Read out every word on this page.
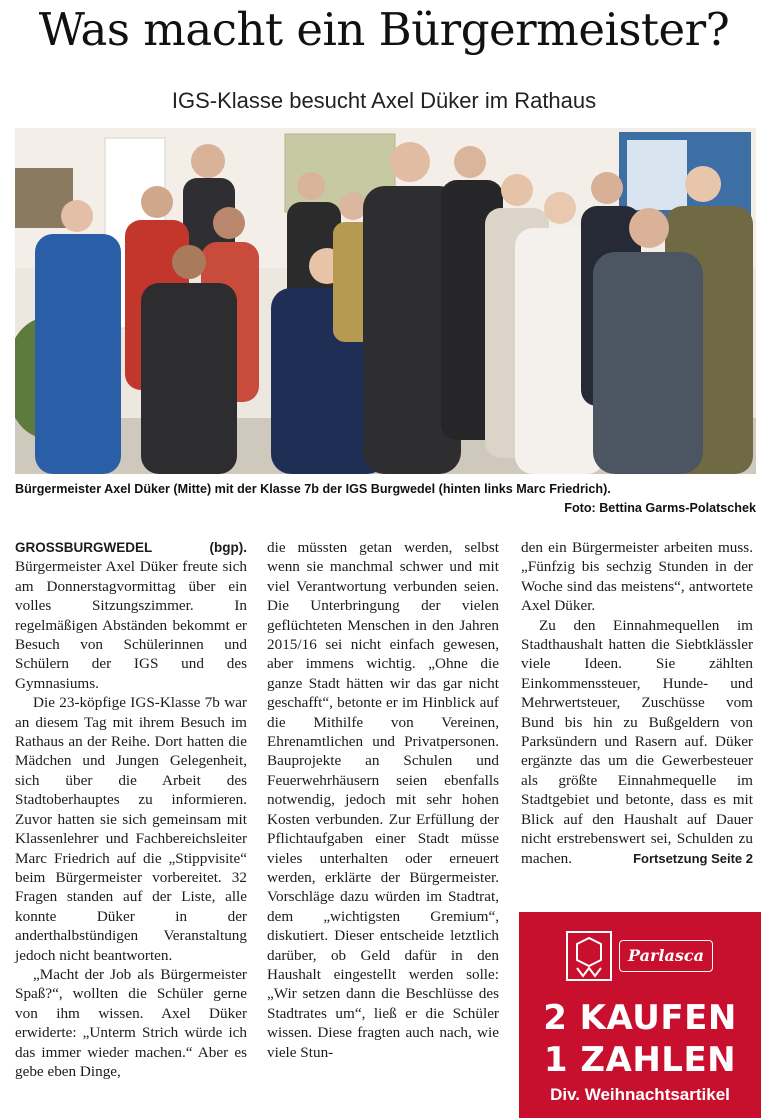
Was macht ein Bürgermeister?
IGS-Klasse besucht Axel Düker im Rathaus
Bürgermeister Axel Düker (Mitte) mit der Klasse 7b der IGS Burgwedel (hinten links Marc Friedrich).
Foto: Bettina Garms-Polatschek

GROSSBURGWEDEL (bgp). Bürgermeister Axel Düker freute sich am Donnerstagvormittag über ein volles Sitzungszimmer. In regelmäßigen Abständen bekommt er Besuch von Schülerinnen und Schülern der IGS und des Gymnasiums.

Die 23-köpfige IGS-Klasse 7b war an diesem Tag mit ihrem Besuch im Rathaus an der Reihe. Dort hatten die Mädchen und Jungen Gelegenheit, sich über die Arbeit des Stadtoberhauptes zu informieren. Zuvor hatten sie sich gemeinsam mit Klassenlehrer und Fachbereichsleiter Marc Friedrich auf die „Stippvisite“ beim Bürgermeister vorbereitet. 32 Fragen standen auf der Liste, alle konnte Düker in der anderthalbstündigen Veranstaltung jedoch nicht beantworten.

„Macht der Job als Bürgermeister Spaß?“, wollten die Schüler gerne von ihm wissen. Axel Düker erwiderte: „Unterm Strich würde ich das immer wieder machen.“ Aber es gebe eben Dinge,

die müssten getan werden, selbst wenn sie manchmal schwer und mit viel Verantwortung verbunden seien. Die Unterbringung der vielen geflüchteten Menschen in den Jahren 2015/16 sei nicht einfach gewesen, aber immens wichtig. „Ohne die ganze Stadt hätten wir das gar nicht geschafft“, betonte er im Hinblick auf die Mithilfe von Vereinen, Ehrenamtlichen und Privatpersonen. Bauprojekte an Schulen und Feuerwehrhäusern seien ebenfalls notwendig, jedoch mit sehr hohen Kosten verbunden. Zur Erfüllung der Pflichtaufgaben einer Stadt müsse vieles unterhalten oder erneuert werden, erklärte der Bürgermeister. Vorschläge dazu würden im Stadtrat, dem „wichtigsten Gremium“, diskutiert. Dieser entscheide letztlich darüber, ob Geld dafür in den Haushalt eingestellt werden solle: „Wir setzen dann die Beschlüsse des Stadtrates um“, ließ er die Schüler wissen. Diese fragten auch nach, wie viele Stun-

den ein Bürgermeister arbeiten muss. „Fünfzig bis sechzig Stunden in der Woche sind das meistens“, antwortete Axel Düker.

Zu den Einnahmequellen im Stadthaushalt hatten die Siebtklässler viele Ideen. Sie zählten Einkommenssteuer, Hunde- und Mehrwertsteuer, Zuschüsse vom Bund bis hin zu Bußgeldern von Parksündern und Rasern auf. Düker ergänzte das um die Gewerbesteuer als größte Einnahmequelle im Stadtgebiet und betonte, dass es mit Blick auf den Haushalt auf Dauer nicht erstrebenswert sei, Schulden zu machen.	Fortsetzung Seite 2

Parlasca
2 KAUFEN
1 ZAHLEN
Div. Weihnachtsartikel
